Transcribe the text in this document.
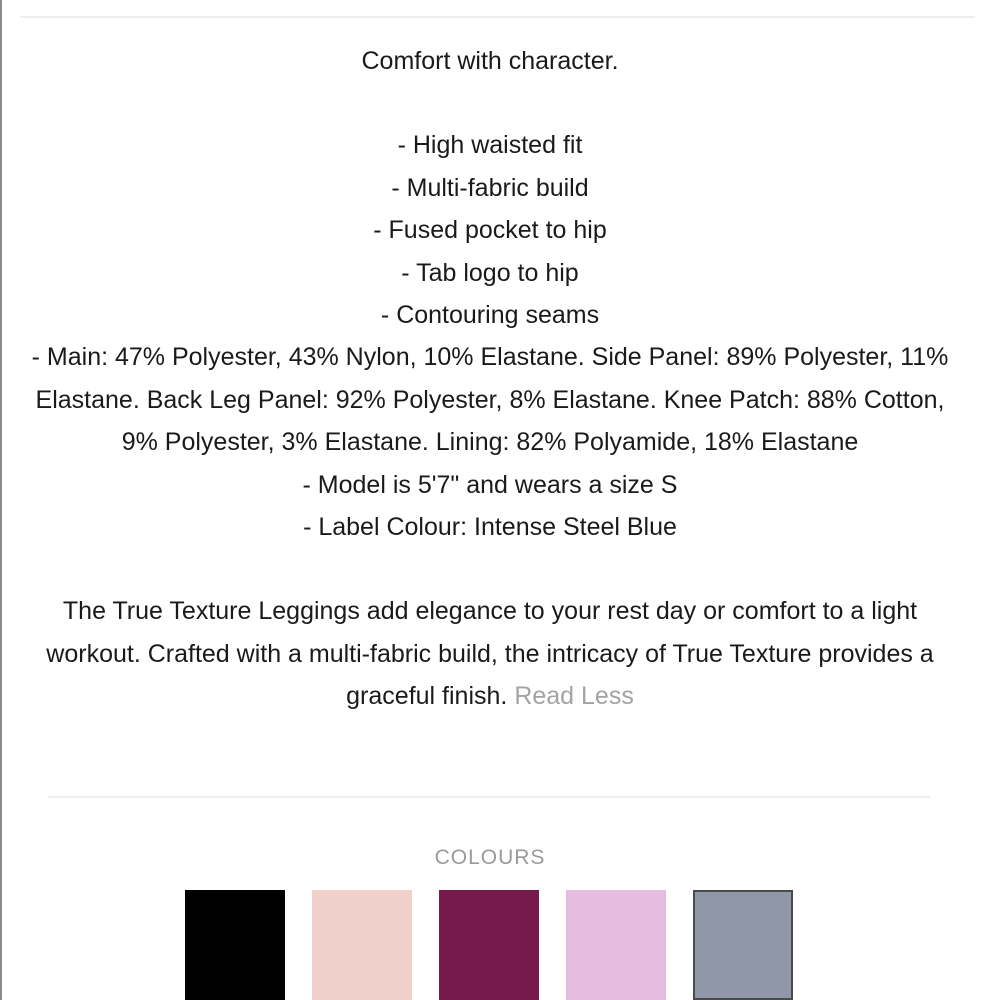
Comfort with character.

- High waisted fit

- Multi-fabric build

- Fused pocket to hip

- Tab logo to hip

- Contouring seams

- Main: 47% Polyester, 43% Nylon, 10% Elastane. Side Panel: 89% Polyester, 11% Elastane. Back Leg Panel: 92% Polyester, 8% Elastane. Knee Patch: 88% Cotton, 9% Polyester, 3% Elastane. Lining: 82% Polyamide, 18% Elastane

- Model is 5'7" and wears a size S

- Label Colour: Intense Steel Blue

The True Texture Leggings add elegance to your rest day or comfort to a light workout. Crafted with a multi-fabric build, the intricacy of True Texture provides a graceful finish. Read Less

COLOURS
